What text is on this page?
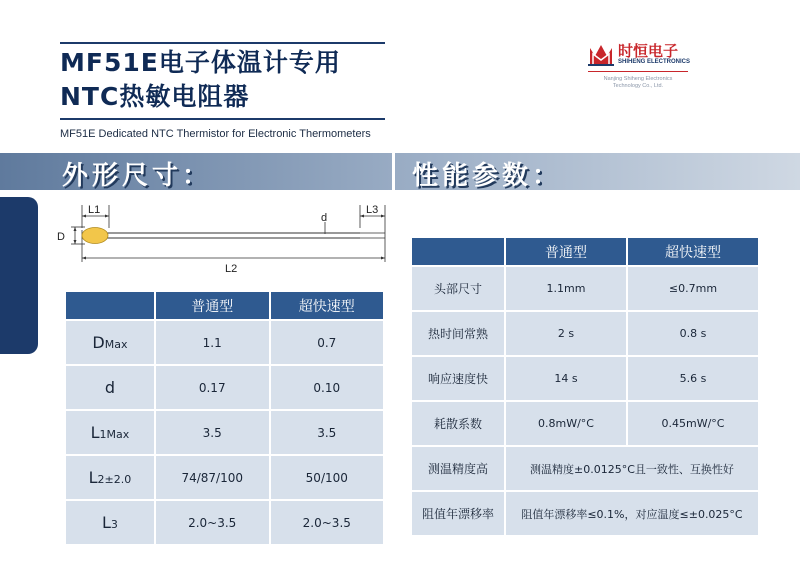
MF51E电子体温计专用
NTC热敏电阻器
MF51E Dedicated NTC Thermistor for Electronic Thermometers
时恒电子
SHIHENG ELECTRONICS
Nanjing Shiheng Electronics
Technology Co., Ltd.
外形尺寸：	性能参数：
L1
d
L3
D
L2
	普通型	超快速型
DMax	1.1	0.7
d	0.17	0.10
L1Max	3.5	3.5
L2±2.0	74/87/100	50/100
L3	2.0~3.5	2.0~3.5
	普通型	超快速型
头部尺寸	1.1mm	≤0.7mm
热时间常熟	2 s	0.8 s
响应速度快	14 s	5.6 s
耗散系数	0.8mW/°C	0.45mW/°C
测温精度高	测温精度±0.0125°C且一致性、互换性好	
阻值年漂移率	阻值年漂移率≤0.1%，对应温度≤±0.025°C	
